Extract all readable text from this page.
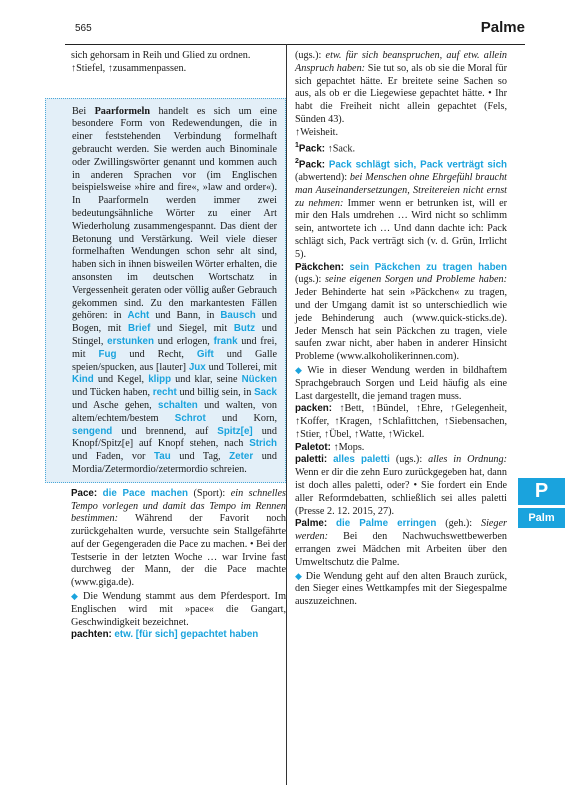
565	Palme

sich gehorsam in Reih und Glied zu ordnen.

↑Stiefel, ↑zusammenpassen.

Bei Paarformeln handelt es sich um eine besondere Form von Redewendungen, die in einer feststehenden Verbindung formelhaft gebraucht werden. Sie werden auch Binominale oder Zwillingswörter genannt und kommen auch in anderen Sprachen vor (im Englischen beispielsweise »hire and fire«, »law and order«). In Paarformeln werden immer zwei bedeutungsähnliche Wörter zu einer Art Wiederholung zusammengespannt. Das dient der Betonung und Verstärkung. Weil viele dieser formelhaften Wendungen schon sehr alt sind, haben sich in ihnen bisweilen Wörter erhalten, die ansonsten im deutschen Wortschatz in Vergessenheit geraten oder völlig außer Gebrauch gekommen sind. Zu den markantesten Fällen gehören: in Acht und Bann, in Bausch und Bogen, mit Brief und Siegel, mit Butz und Stingel, erstunken und erlogen, frank und frei, mit Fug und Recht, Gift und Galle speien/spucken, aus [lauter] Jux und Tollerei, mit Kind und Kegel, klipp und klar, seine Nücken und Tücken haben, recht und billig sein, in Sack und Asche gehen, schalten und walten, von altem/echtem/bestem Schrot und Korn, sengend und brennend, auf Spitz[e] und Knopf/Spitz[e] auf Knopf stehen, nach Strich und Faden, vor Tau und Tag, Zeter und Mordia/Zetermordio/zetermordio schreien.

Pace: die Pace machen (Sport): ein schnelles Tempo vorlegen und damit das Tempo im Rennen bestimmen: Während der Favorit noch zurückgehalten wurde, versuchte sein Stallgefährte auf der Gegengeraden die Pace zu machen. • Bei der Testserie in der letzten Woche … war Irvine fast durchweg der Mann, der die Pace machte (www.giga.de).

◆ Die Wendung stammt aus dem Pferdesport. Im Englischen wird mit »pace« die Gangart, Geschwindigkeit bezeichnet.

pachten: etw. [für sich] gepachtet haben

(ugs.): etw. für sich beanspruchen, auf etw. allein Anspruch haben: Sie tut so, als ob sie die Moral für sich gepachtet hätte. Er breitete seine Sachen so aus, als ob er die Liegewiese gepachtet hätte. • Ihr habt die Freiheit nicht allein gepachtet (Fels, Sünden 43).

↑Weisheit.

$^1$Pack: ↑Sack.

$^2$Pack: Pack schlägt sich, Pack verträgt sich (abwertend): bei Menschen ohne Ehrgefühl braucht man Auseinandersetzungen, Streitereien nicht ernst zu nehmen: Immer wenn er betrunken ist, will er mir den Hals umdrehen … Wird nicht so schlimm sein, antwortete ich … Und dann dachte ich: Pack schlägt sich, Pack verträgt sich (v. d. Grün, Irrlicht 5).

Päckchen: sein Päckchen zu tragen haben (ugs.): seine eigenen Sorgen und Probleme haben: Jeder Behinderte hat sein »Päckchen« zu tragen, und der Umgang damit ist so unterschiedlich wie jede Behinderung auch (www.quick-sticks.de). Jeder Mensch hat sein Päckchen zu tragen, viele saufen zwar nicht, aber haben in anderer Hinsicht Probleme (www.alkoholikerinnen.com).

◆ Wie in dieser Wendung werden in bildhaftem Sprachgebrauch Sorgen und Leid häufig als eine Last dargestellt, die jemand tragen muss.

packen: ↑Bett, ↑Bündel, ↑Ehre, ↑Gelegenheit, ↑Koffer, ↑Kragen, ↑Schlafittchen, ↑Siebensachen, ↑Stier, ↑Übel, ↑Watte, ↑Wickel.

Paletot: ↑Mops.

paletti: alles paletti (ugs.): alles in Ordnung: Wenn er dir die zehn Euro zurückgegeben hat, dann ist doch alles paletti, oder? • Sie fordert ein Ende aller Reformdebatten, schließlich sei alles paletti (Presse 2. 12. 2015, 27).

Palme: die Palme erringen (geh.): Sieger werden: Bei den Nachwuchswettbewerben errangen zwei Mädchen mit Arbeiten über den Umweltschutz die Palme.

◆ Die Wendung geht auf den alten Brauch zurück, den Sieger eines Wettkampfes mit der Siegespalme auszuzeichnen.

P
Palm
